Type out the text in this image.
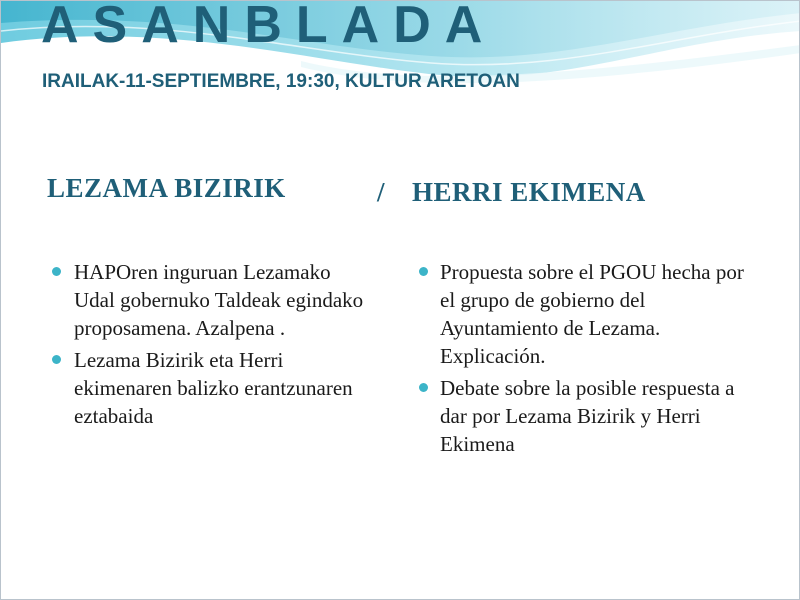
ASANBLADA
IRAILAK-11-SEPTIEMBRE, 19:30, KULTUR ARETOAN
LEZAMA BIZIRIK	/ HERRI EKIMENA
HAPOren inguruan Lezamako Udal gobernuko Taldeak egindako proposamena. Azalpena .
Lezama Bizirik eta Herri ekimenaren balizko erantzunaren eztabaida
Propuesta sobre el PGOU hecha por el grupo de gobierno del Ayuntamiento de Lezama. Explicación.
Debate sobre la posible respuesta a dar por Lezama Bizirik y Herri Ekimena
